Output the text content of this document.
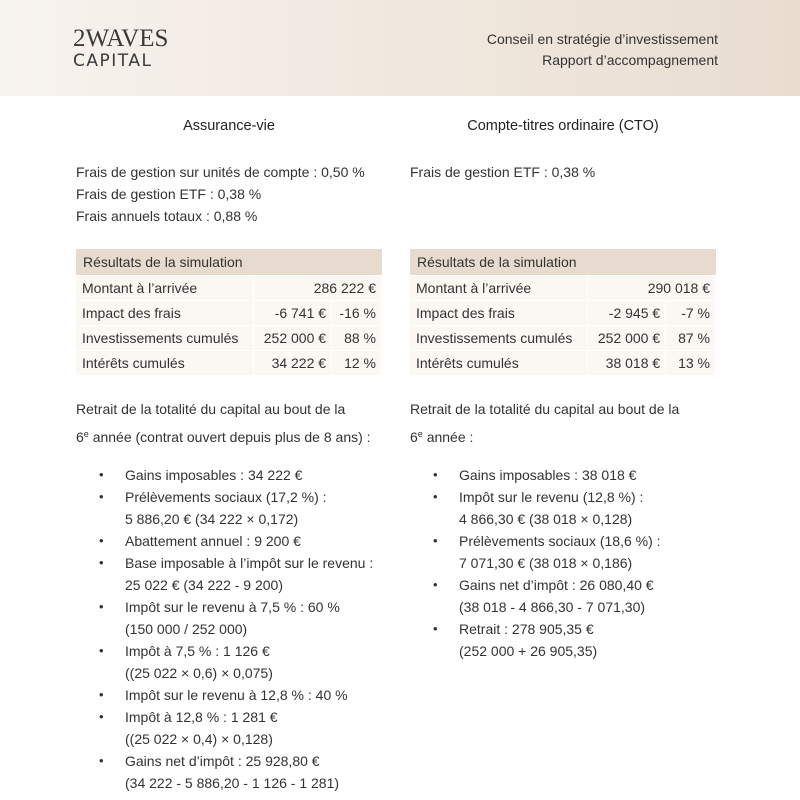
2WAVES
CAPITAL
Conseil en stratégie d’investissement
Rapport d’accompagnement
Assurance-vie
Frais de gestion sur unités de compte : 0,50 %
Frais de gestion ETF : 0,38 %
Frais annuels totaux : 0,88 %
Résultats de la simulation		
Montant à l’arrivée	286 222 €	
Impact des frais	-6 741 €	-16 %
Investissements cumulés	252 000 €	88 %
Intérêts cumulés	34 222 €	12 %
Retrait de la totalité du capital au bout de la
6e année (contrat ouvert depuis plus de 8 ans) :
• Gains imposables : 34 222 €
• Prélèvements sociaux (17,2 %) :
5 886,20 € (34 222 × 0,172)
• Abattement annuel : 9 200 €
• Base imposable à l’impôt sur le revenu :
25 022 € (34 222 - 9 200)
• Impôt sur le revenu à 7,5 % : 60 %
(150 000 / 252 000)
• Impôt à 7,5 % : 1 126 €
((25 022 × 0,6) × 0,075)
• Impôt sur le revenu à 12,8 % : 40 %
• Impôt à 12,8 % : 1 281 €
((25 022 × 0,4) × 0,128)
• Gains net d’impôt : 25 928,80 €
(34 222 - 5 886,20 - 1 126 - 1 281)
Compte-titres ordinaire (CTO)
Frais de gestion ETF : 0,38 %
Résultats de la simulation		
Montant à l’arrivée	290 018 €	
Impact des frais	-2 945 €	-7 %
Investissements cumulés	252 000 €	87 %
Intérêts cumulés	38 018 €	13 %
Retrait de la totalité du capital au bout de la
6e année :
• Gains imposables : 38 018 €
• Impôt sur le revenu (12,8 %) :
4 866,30 € (38 018 × 0,128)
• Prélèvements sociaux (18,6 %) :
7 071,30 € (38 018 × 0,186)
• Gains net d’impôt : 26 080,40 €
(38 018 - 4 866,30 - 7 071,30)
• Retrait : 278 905,35 €
(252 000 + 26 905,35)
